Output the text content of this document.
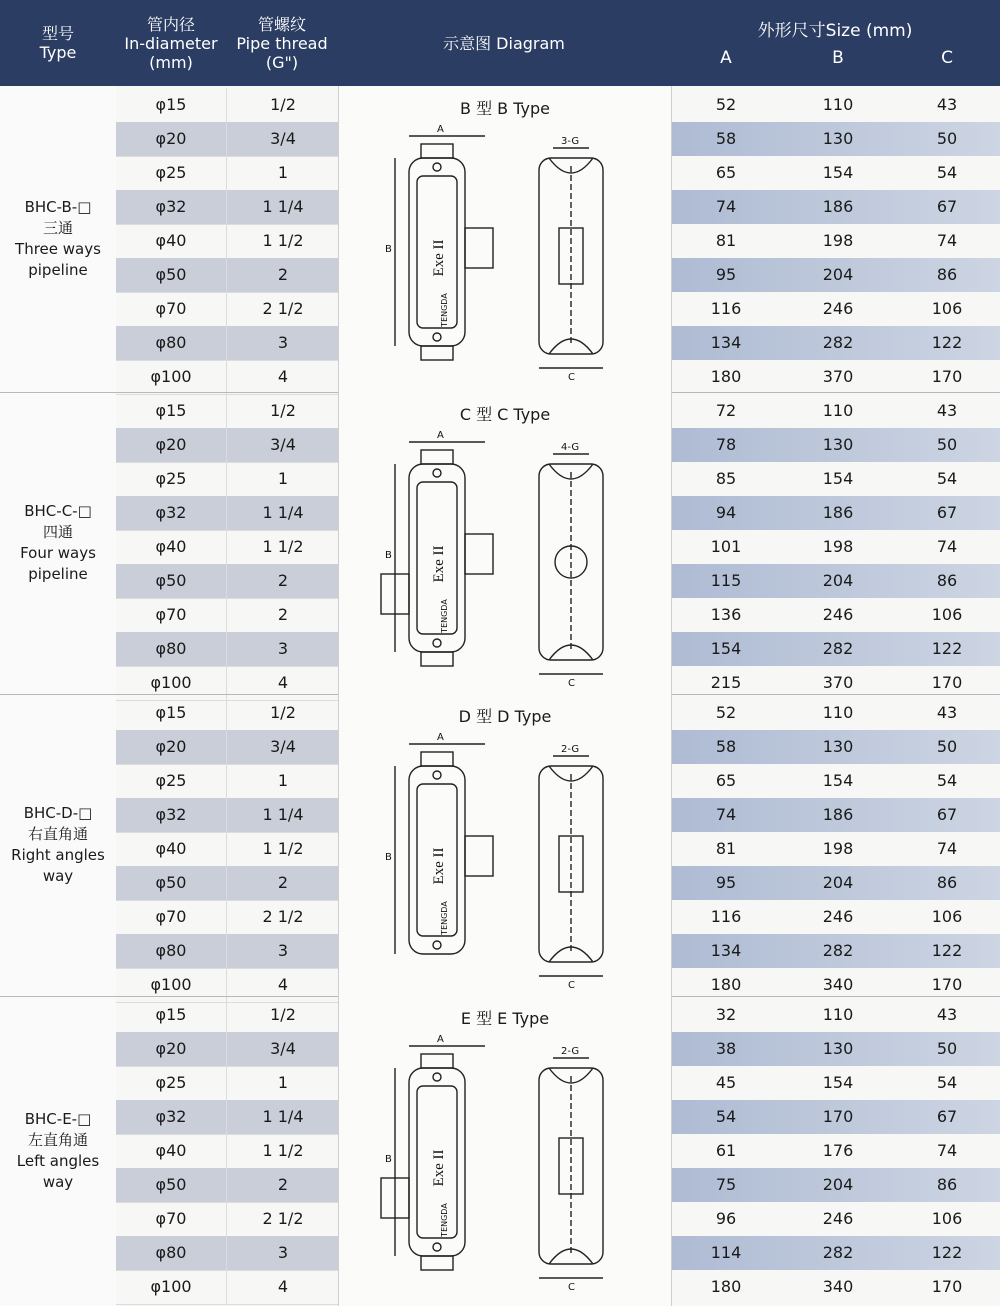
型号
Type
管内径
In-diameter
(mm)
管螺纹
Pipe thread
(G")
示意图 Diagram
外形尺寸Size (mm)
A	B	C
BHC-B-□
三通
Three ways
pipeline
φ15	1/2	52	110	43
φ20	3/4	58	130	50
φ25	1	65	154	54
φ32	1 1/4	74	186	67
φ40	1 1/2	81	198	74
φ50	2	95	204	86
φ70	2 1/2	116	246	106
φ80	3	134	282	122
φ100	4	180	370	170
B 型 B Type
Exe II
TENGDA
B
A
C
3-G
BHC-C-□
四通
Four ways
pipeline
φ15	1/2	72	110	43
φ20	3/4	78	130	50
φ25	1	85	154	54
φ32	1 1/4	94	186	67
φ40	1 1/2	101	198	74
φ50	2	115	204	86
φ70	2	136	246	106
φ80	3	154	282	122
φ100	4	215	370	170
C 型 C Type
Exe II
TENGDA
B
A
C
4-G
BHC-D-□
右直角通
Right angles
way
φ15	1/2	52	110	43
φ20	3/4	58	130	50
φ25	1	65	154	54
φ32	1 1/4	74	186	67
φ40	1 1/2	81	198	74
φ50	2	95	204	86
φ70	2 1/2	116	246	106
φ80	3	134	282	122
φ100	4	180	340	170
D 型 D Type
Exe II
TENGDA
B
A
C
2-G
BHC-E-□
左直角通
Left angles
way
φ15	1/2	32	110	43
φ20	3/4	38	130	50
φ25	1	45	154	54
φ32	1 1/4	54	170	67
φ40	1 1/2	61	176	74
φ50	2	75	204	86
φ70	2 1/2	96	246	106
φ80	3	114	282	122
φ100	4	180	340	170
E 型 E Type
Exe II
TENGDA
B
A
C
2-G
